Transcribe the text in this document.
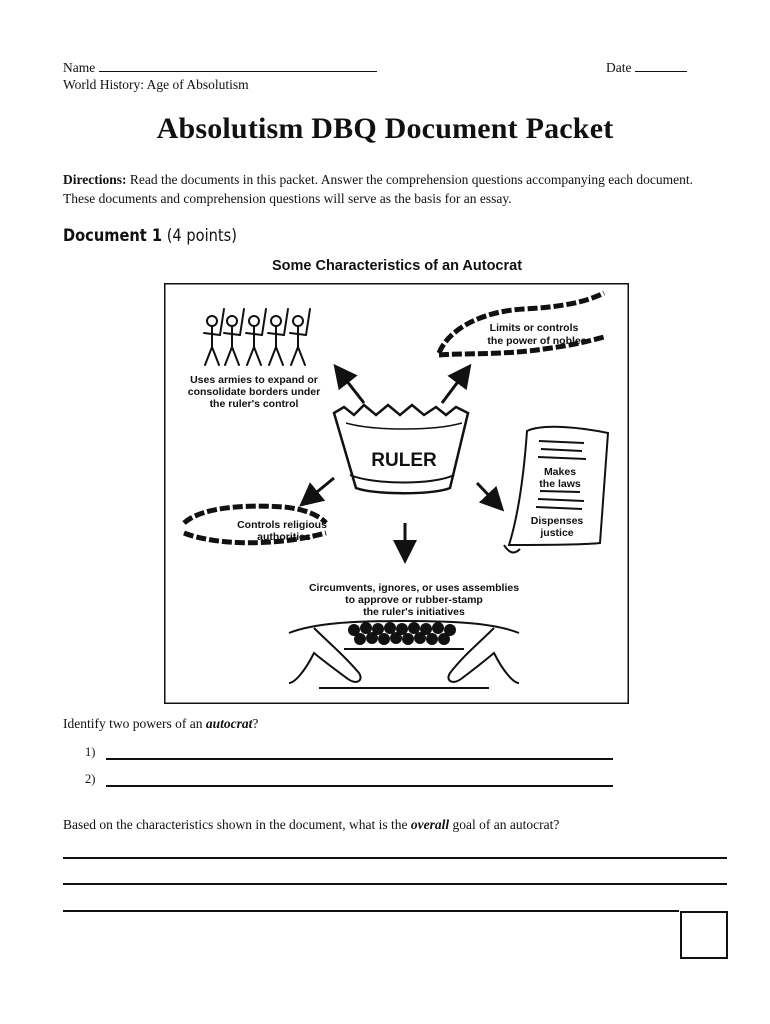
Name	Date
World History: Age of Absolutism
Absolutism DBQ Document Packet
Directions: Read the documents in this packet. Answer the comprehension questions accompanying each document. These documents and comprehension questions will serve as the basis for an essay.
Document 1 (4 points)
Some Characteristics of an Autocrat
Uses armies to expand or
consolidate borders under
the ruler's control
Limits or controls
the power of nobles
RULER
Controls religious
authorities
Makes
the laws
Dispenses
justice
Circumvents, ignores, or uses assemblies
to approve or rubber-stamp
the ruler's initiatives
Identify two powers of an autocrat?
1)
2)
Based on the characteristics shown in the document, what is the overall goal of an autocrat?
